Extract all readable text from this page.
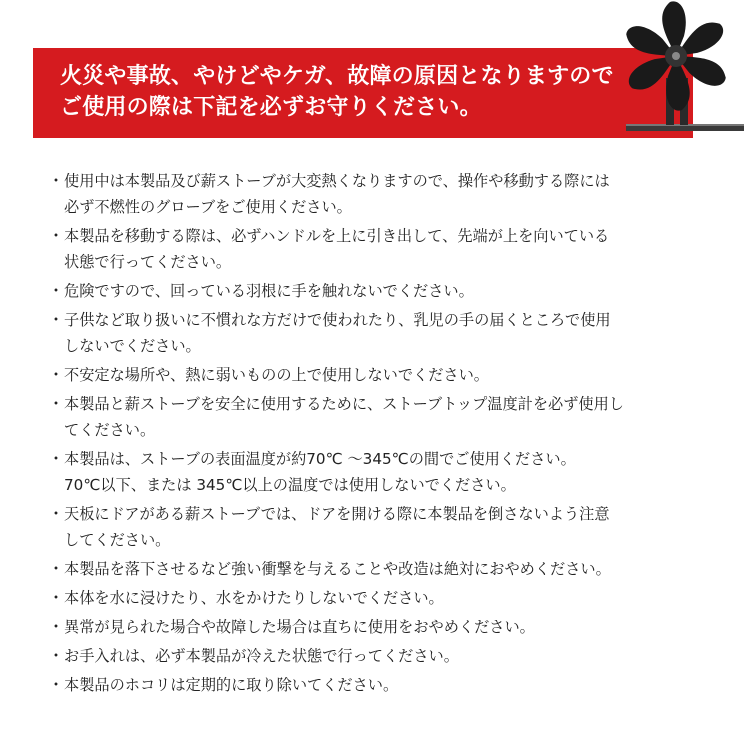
火災や事故、やけどやケガ、故障の原因となりますので
ご使用の際は下記を必ずお守りください。
・ 使用中は本製品及び薪ストーブが大変熱くなりますので、操作や移動する際には
必ず不燃性のグローブをご使用ください。
・ 本製品を移動する際は、必ずハンドルを上に引き出して、先端が上を向いている
状態で行ってください。
・ 危険ですので、回っている羽根に手を触れないでください。
・ 子供など取り扱いに不慣れな方だけで使われたり、乳児の手の届くところで使用
しないでください。
・ 不安定な場所や、熱に弱いものの上で使用しないでください。
・ 本製品と薪ストーブを安全に使用するために、ストーブトップ温度計を必ず使用し
てください。
・ 本製品は、ストーブの表面温度が約70℃ ～345℃の間でご使用ください。
70℃以下、または 345℃以上の温度では使用しないでください。
・ 天板にドアがある薪ストーブでは、ドアを開ける際に本製品を倒さないよう注意
してください。
・ 本製品を落下させるなど強い衝撃を与えることや改造は絶対におやめください。
・ 本体を水に浸けたり、水をかけたりしないでください。
・ 異常が見られた場合や故障した場合は直ちに使用をおやめください。
・ お手入れは、必ず本製品が冷えた状態で行ってください。
・ 本製品のホコリは定期的に取り除いてください。
